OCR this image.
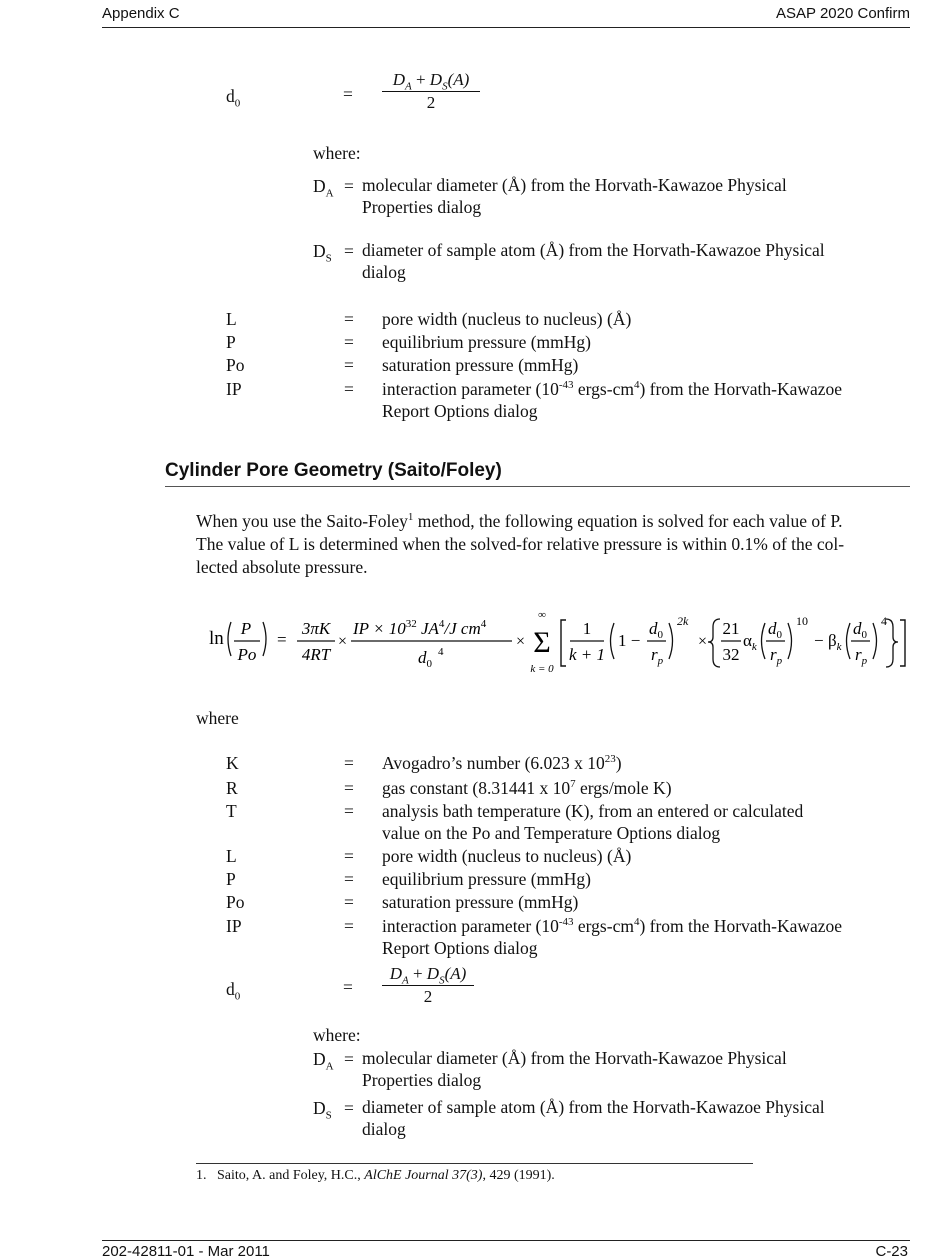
Appendix C	ASAP 2020 Confirm
$d_0$	=
$D_A + D_S(A)$
2
where:
$D_A$ = molecular diameter (Å) from the Horvath-Kawazoe Physical
Properties dialog
$D_S$ = diameter of sample atom (Å) from the Horvath-Kawazoe Physical
dialog
L	= pore width (nucleus to nucleus) (Å)
P	= equilibrium pressure (mmHg)
Po	= saturation pressure (mmHg)
IP	= interaction parameter ($10^{-43}$ ergs-$cm^4$) from the Horvath-Kawazoe
Report Options dialog
Cylinder Pore Geometry (Saito/Foley)
When you use the Saito-Foley$^1$ method, the following equation is solved for each value of P.
The value of L is determined when the solved-for relative pressure is within 0.1% of the col-
lected absolute pressure.
ln P
Po
=
3πK
4RT
×
IP × $10^{32}$ $JA^4/J$ $cm^4$
$d_0^4$
×
∞
Σ
k = 0
1
k + 1
1 −
$d_0$
$r_p$
2k
×
21
32
$\alpha_k$
$d_0$
$r_p$
10
− $\beta_k$
$d_0$
$r_p$
4
where
K	= Avogadro’s number (6.023 x $10^{23}$)
R	= gas constant (8.31441 x $10^7$ ergs/mole K)
T	= analysis bath temperature (K), from an entered or calculated
value on the Po and Temperature Options dialog
L	= pore width (nucleus to nucleus) (Å)
P	= equilibrium pressure (mmHg)
Po	= saturation pressure (mmHg)
IP	= interaction parameter ($10^{-43}$ ergs-$cm^4$) from the Horvath-Kawazoe
Report Options dialog
$d_0$	=
$D_A + D_S(A)$
2
where:
$D_A$ = molecular diameter (Å) from the Horvath-Kawazoe Physical
Properties dialog
$D_S$ = diameter of sample atom (Å) from the Horvath-Kawazoe Physical
dialog
1. Saito, A. and Foley, H.C., AlChE Journal 37(3), 429 (1991).
202-42811-01 - Mar 2011	C-23
